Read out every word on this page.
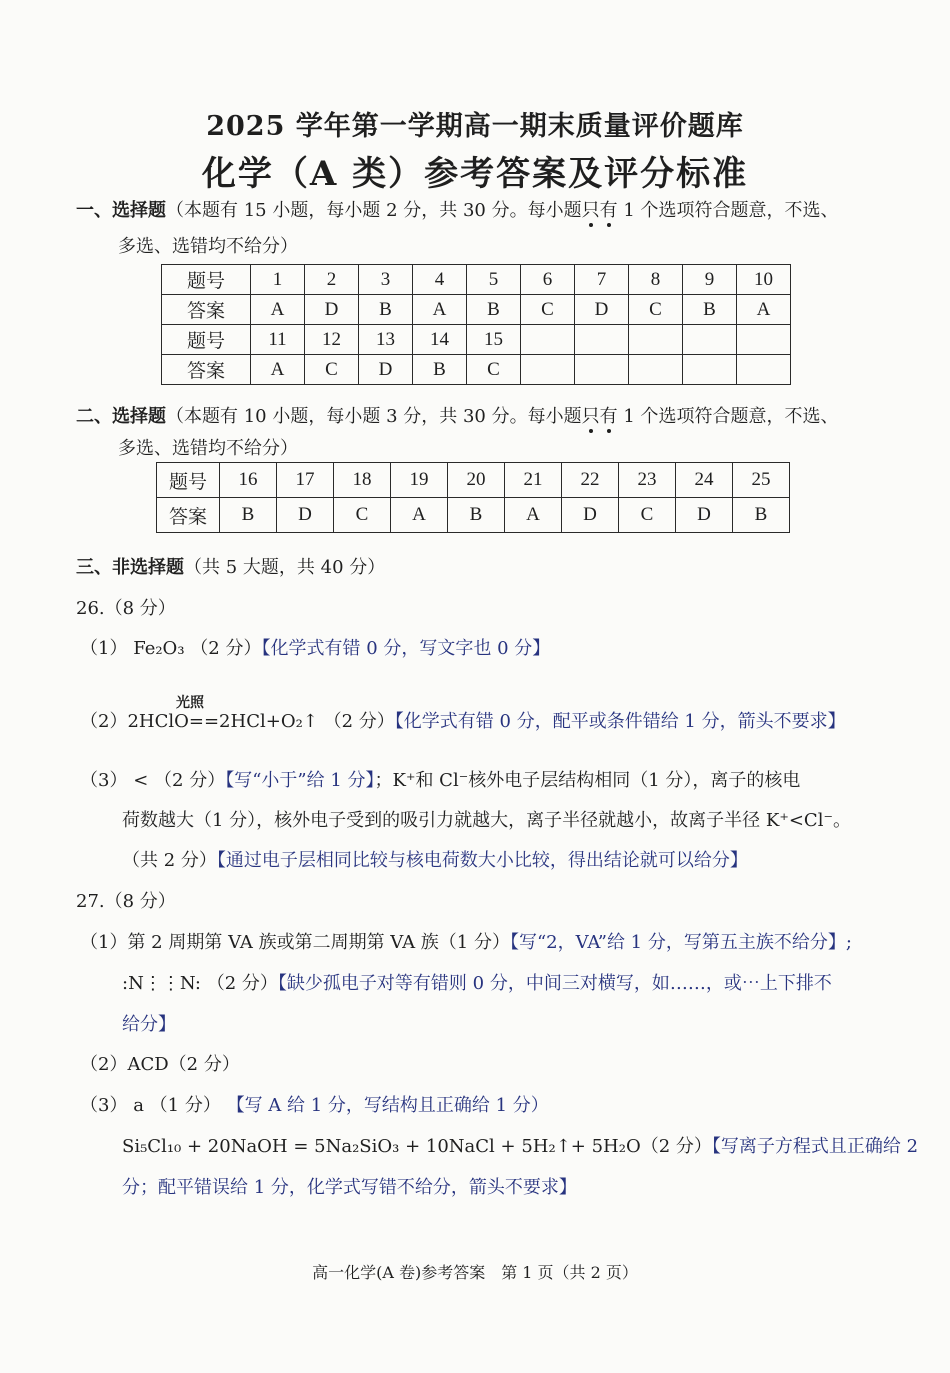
2025 学年第一学期高一期末质量评价题库
化学（A 类）参考答案及评分标准
一、选择题（本题有 15 小题，每小题 2 分，共 30 分。每小题只有 1 个选项符合题意，不选、
多选、选错均不给分）
题号	1	2	3	4	5	6	7	8	9	10
答案	A	D	B	A	B	C	D	C	B	A
题号	11	12	13	14	15					
答案	A	C	D	B	C					
二、选择题（本题有 10 小题，每小题 3 分，共 30 分。每小题只有 1 个选项符合题意，不选、
多选、选错均不给分）
题号	16	17	18	19	20	21	22	23	24	25
答案	B	D	C	A	B	A	D	C	D	B
三、非选择题（共 5 大题，共 40 分）
26.（8 分）
（1） Fe₂O₃ （2 分）【化学式有错 0 分，写文字也 0 分】
光照
（2）2HClO==2HCl+O₂↑ （2 分）【化学式有错 0 分，配平或条件错给 1 分，箭头不要求】
（3） < （2 分）【写“小于”给 1 分】；K⁺和 Cl⁻核外电子层结构相同（1 分），离子的核电
荷数越大（1 分），核外电子受到的吸引力就越大，离子半径就越小，故离子半径 K⁺<Cl⁻。
（共 2 分）【通过电子层相同比较与核电荷数大小比较，得出结论就可以给分】
27.（8 分）
（1）第 2 周期第 VA 族或第二周期第 VA 族（1 分）【写“2，VA”给 1 分，写第五主族不给分】;
:N⋮⋮N: （2 分）【缺少孤电子对等有错则 0 分，中间三对横写，如……，或⋯上下排不
给分】
（2）ACD（2 分）
（3） a （1 分） 【写 A 给 1 分，写结构且正确给 1 分）
Si₅Cl₁₀ + 20NaOH = 5Na₂SiO₃ + 10NaCl + 5H₂↑+ 5H₂O（2 分）【写离子方程式且正确给 2
分；配平错误给 1 分，化学式写错不给分，箭头不要求】
高一化学(A 卷)参考答案　第 1 页（共 2 页）
